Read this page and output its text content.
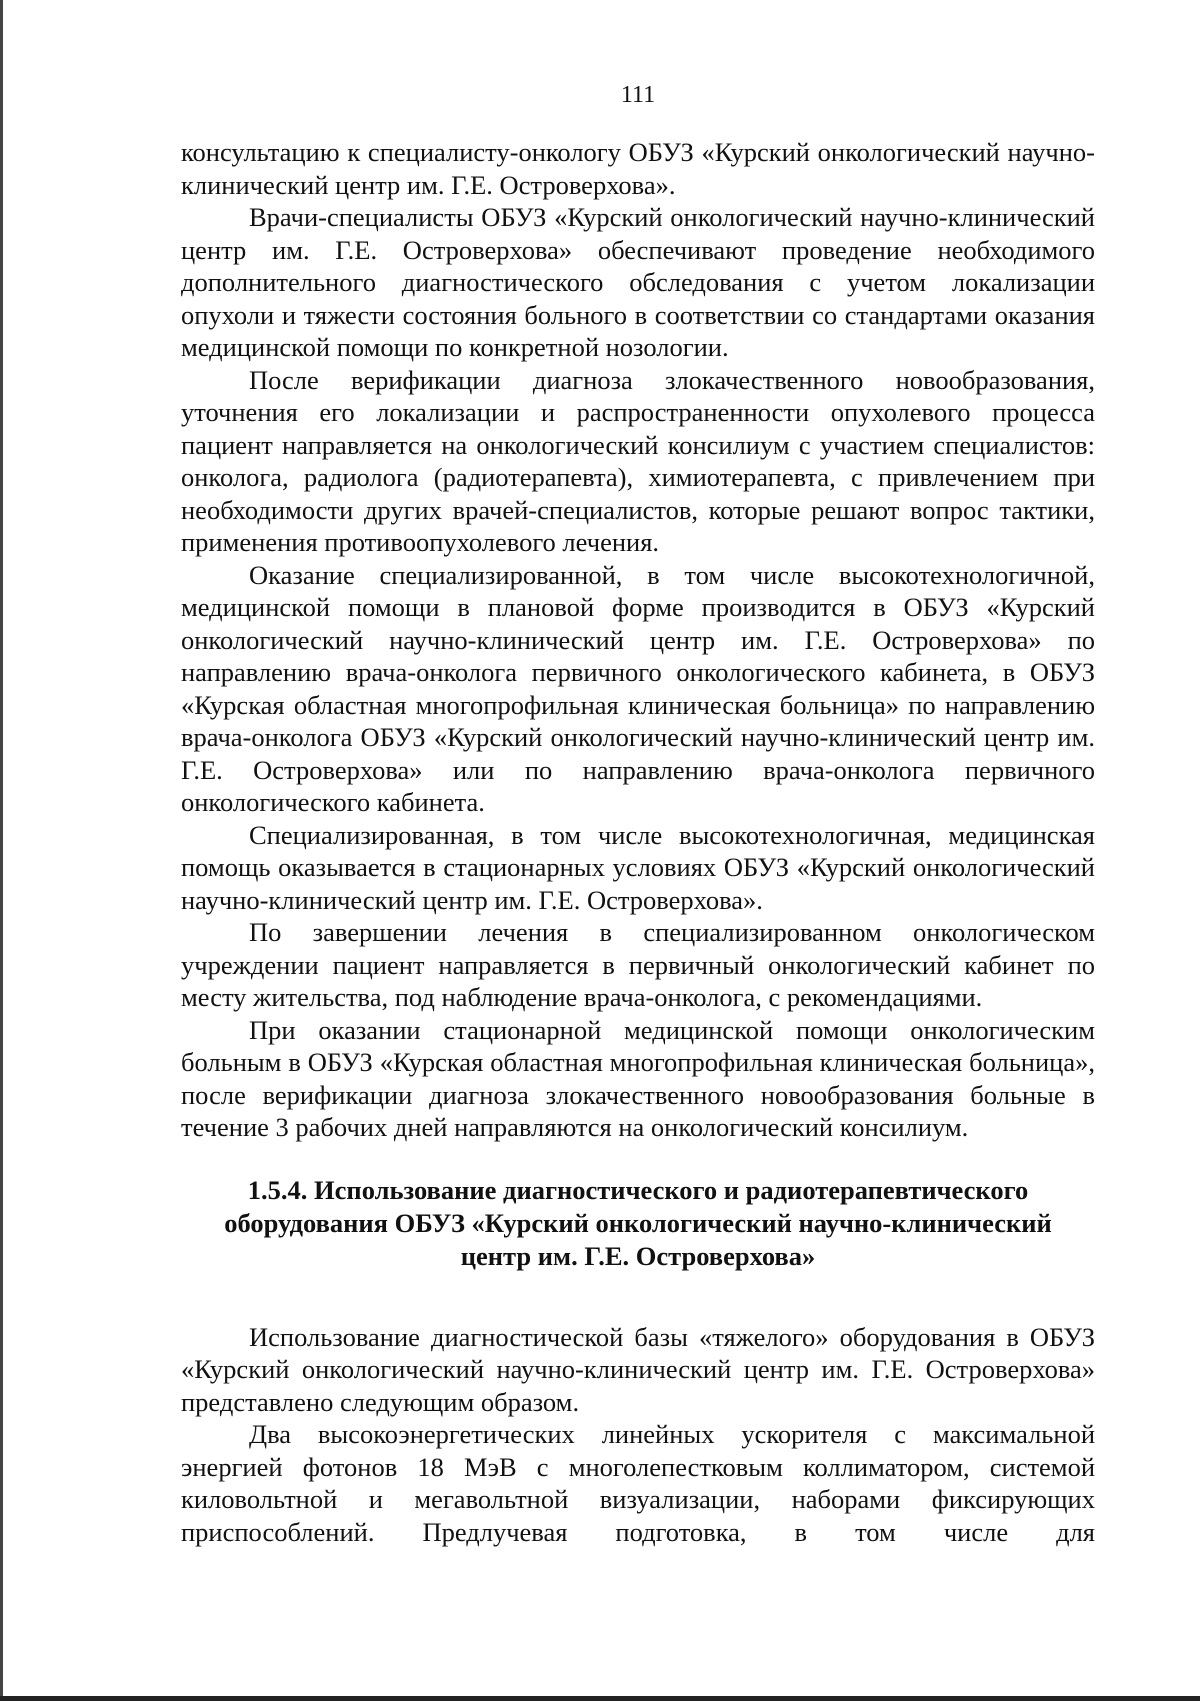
111

консультацию к специалисту-онкологу ОБУЗ «Курский онкологический научно-клинический центр им. Г.Е. Островерхова».

Врачи-специалисты ОБУЗ «Курский онкологический научно-клинический центр им. Г.Е. Островерхова» обеспечивают проведение необходимого дополнительного диагностического обследования с учетом локализации опухоли и тяжести состояния больного в соответствии со стандартами оказания медицинской помощи по конкретной нозологии.

После верификации диагноза злокачественного новообразования, уточнения его локализации и распространенности опухолевого процесса пациент направляется на онкологический консилиум с участием специалистов: онколога, радиолога (радиотерапевта), химиотерапевта, с привлечением при необходимости других врачей-специалистов, которые решают вопрос тактики, применения противоопухолевого лечения.

Оказание специализированной, в том числе высокотехнологичной, медицинской помощи в плановой форме производится в ОБУЗ «Курский онкологический научно-клинический центр им. Г.Е. Островерхова» по направлению врача-онколога первичного онкологического кабинета, в ОБУЗ «Курская областная многопрофильная клиническая больница» по направлению врача-онколога ОБУЗ «Курский онкологический научно-клинический центр им. Г.Е. Островерхова» или по направлению врача-онколога первичного онкологического кабинета.

Специализированная, в том числе высокотехнологичная, медицинская помощь оказывается в стационарных условиях ОБУЗ «Курский онкологический научно-клинический центр им. Г.Е. Островерхова».

По завершении лечения в специализированном онкологическом учреждении пациент направляется в первичный онкологический кабинет по месту жительства, под наблюдение врача-онколога, с рекомендациями.

При оказании стационарной медицинской помощи онкологическим больным в ОБУЗ «Курская областная многопрофильная клиническая больница», после верификации диагноза злокачественного новообразования больные в течение 3 рабочих дней направляются на онкологический консилиум.

1.5.4. Использование диагностического и радиотерапевтического оборудования ОБУЗ «Курский онкологический научно-клинический центр им. Г.Е. Островерхова»

Использование диагностической базы «тяжелого» оборудования в ОБУЗ «Курский онкологический научно-клинический центр им. Г.Е. Островерхова» представлено следующим образом.

Два высокоэнергетических линейных ускорителя с максимальной энергией фотонов 18 МэВ с многолепестковым коллиматором, системой киловольтной и мегавольтной визуализации, наборами фиксирующих приспособлений. Предлучевая подготовка, в том числе для
